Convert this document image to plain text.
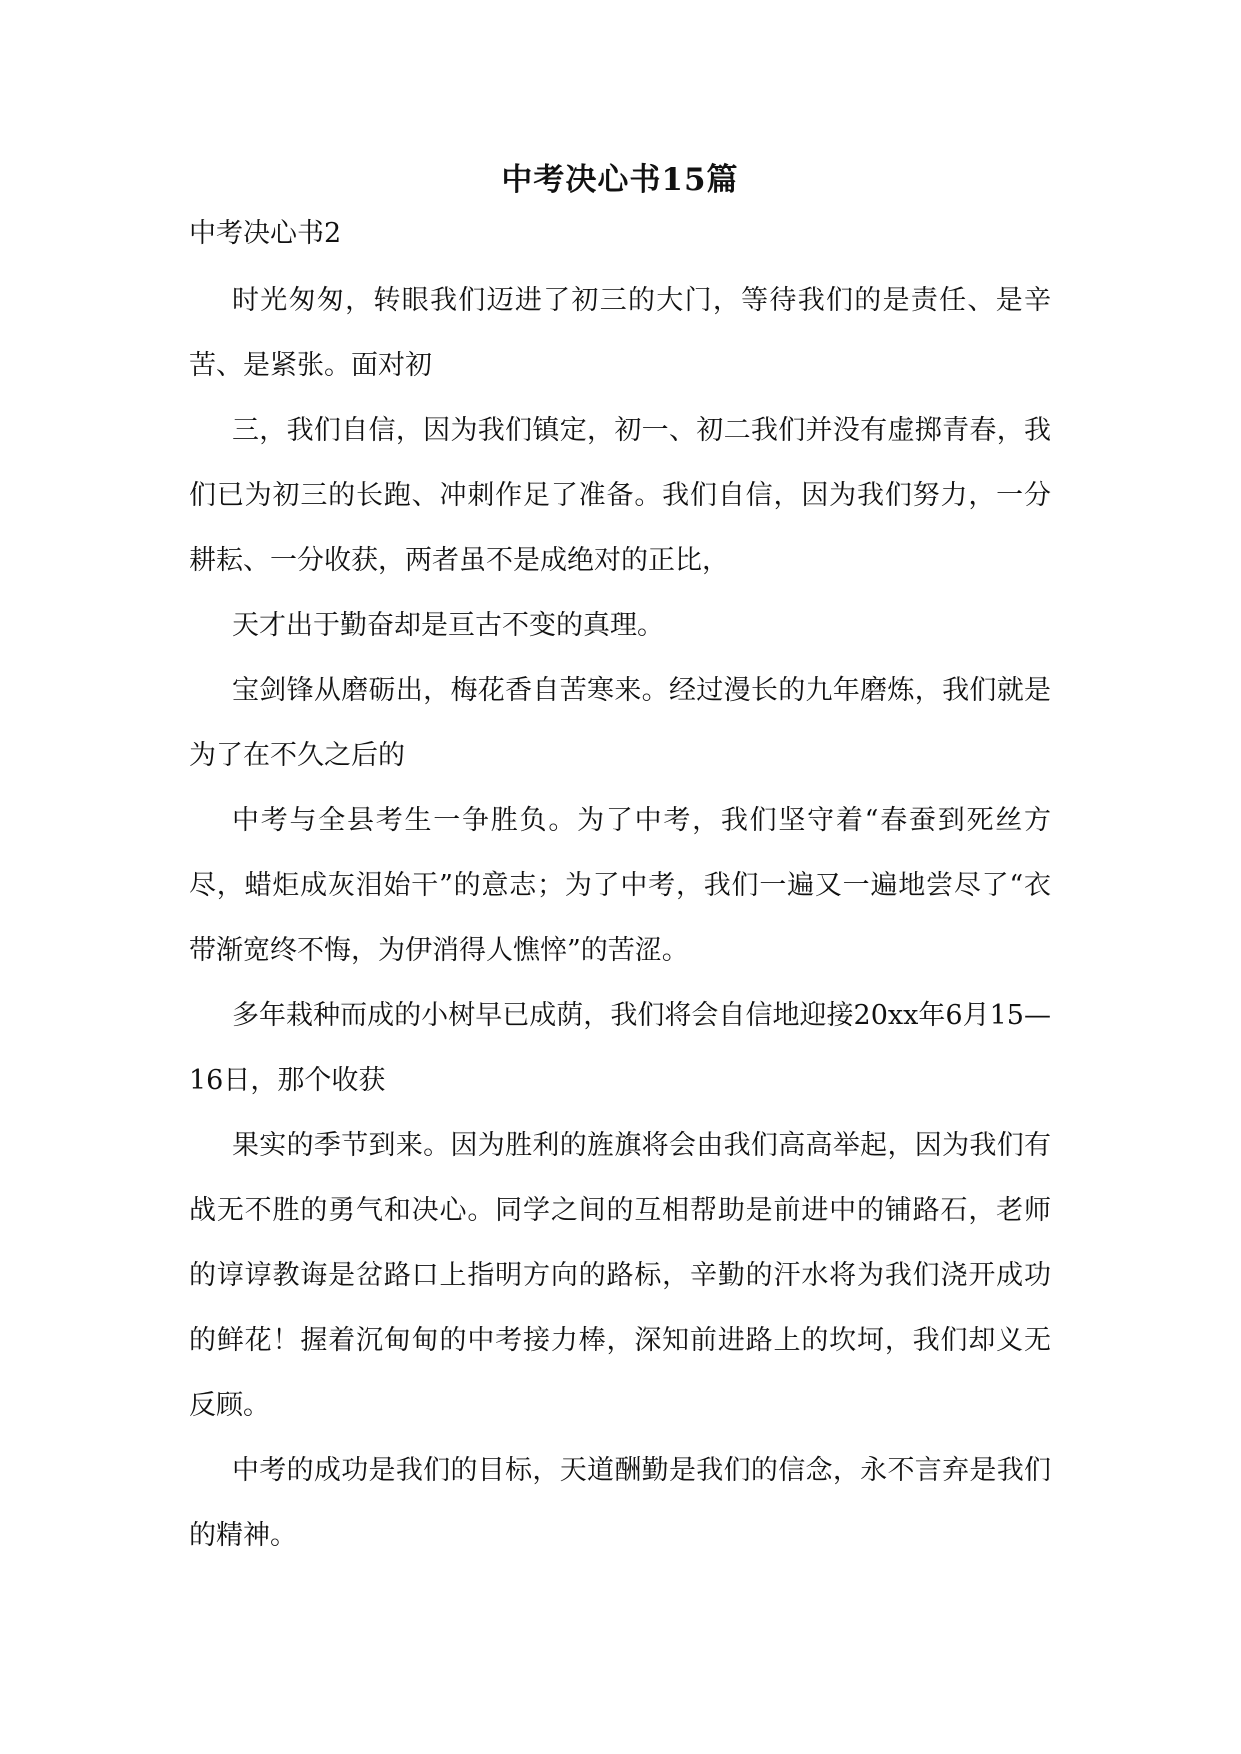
中考决心书15篇
中考决心书2

时光匆匆，转眼我们迈进了初三的大门，等待我们的是责任、是辛苦、是紧张。面对初

三，我们自信，因为我们镇定，初一、初二我们并没有虚掷青春，我们已为初三的长跑、冲刺作足了准备。我们自信，因为我们努力，一分耕耘、一分收获，两者虽不是成绝对的正比，

天才出于勤奋却是亘古不变的真理。

宝剑锋从磨砺出，梅花香自苦寒来。经过漫长的九年磨炼，我们就是为了在不久之后的

中考与全县考生一争胜负。为了中考，我们坚守着“春蚕到死丝方尽，蜡炬成灰泪始干”的意志；为了中考，我们一遍又一遍地尝尽了“衣带渐宽终不悔，为伊消得人憔悴”的苦涩。

多年栽种而成的小树早已成荫，我们将会自信地迎接20xx年6月15—16日，那个收获

果实的季节到来。因为胜利的旌旗将会由我们高高举起，因为我们有战无不胜的勇气和决心。同学之间的互相帮助是前进中的铺路石，老师的谆谆教诲是岔路口上指明方向的路标，辛勤的汗水将为我们浇开成功的鲜花！握着沉甸甸的中考接力棒，深知前进路上的坎坷，我们却义无反顾。

中考的成功是我们的目标，天道酬勤是我们的信念，永不言弃是我们的精神。
